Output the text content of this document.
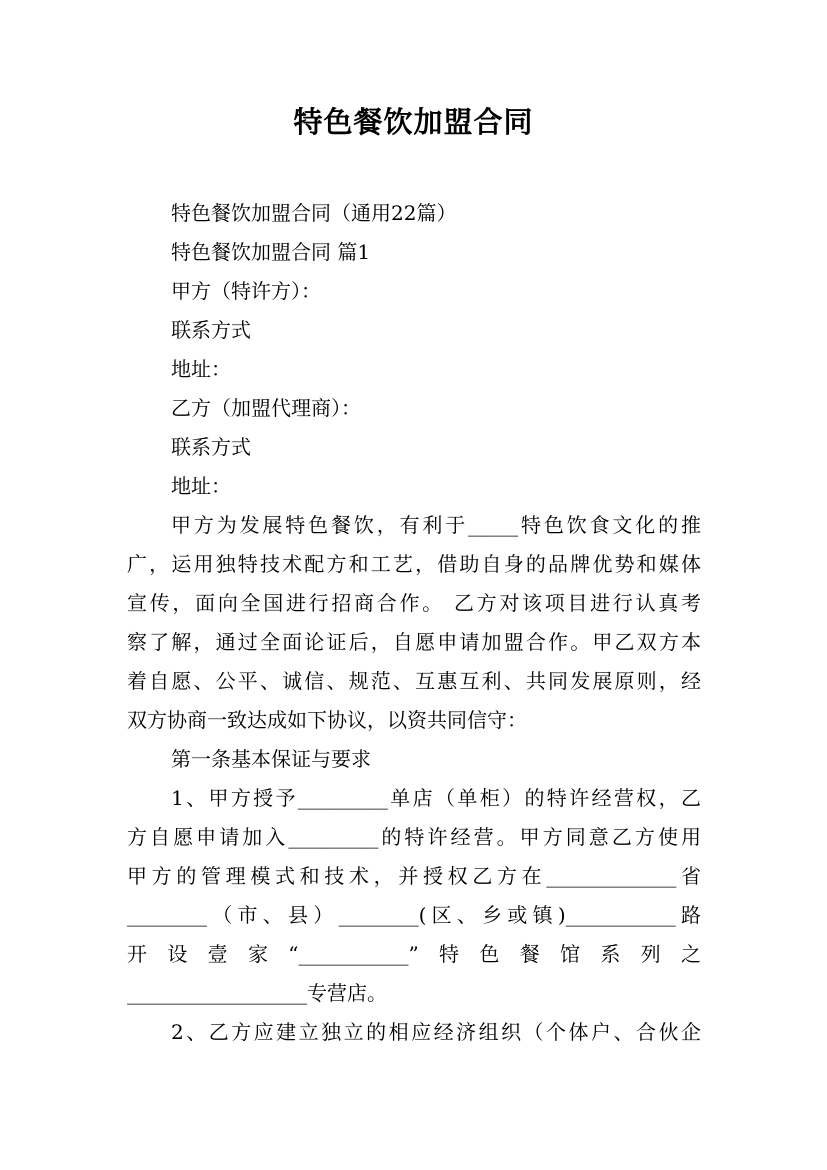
特色餐饮加盟合同

特色餐饮加盟合同（通用22篇）

特色餐饮加盟合同 篇1

甲方（特许方）：

联系方式

地址：

乙方（加盟代理商）：

联系方式

地址：

甲方为发展特色餐饮，有利于_____特色饮食文化的推
广，运用独特技术配方和工艺，借助自身的品牌优势和媒体
宣传，面向全国进行招商合作。 乙方对该项目进行认真考
察了解，通过全面论证后，自愿申请加盟合作。甲乙双方本
着自愿、公平、诚信、规范、互惠互利、共同发展原则，经
双方协商一致达成如下协议，以资共同信守：

第一条基本保证与要求

1、甲方授予_________单店（单柜）的特许经营权，乙
方自愿申请加入_________的特许经营。甲方同意乙方使用
甲方的管理模式和技术，并授权乙方在_____________省
________（市、县）________(区、乡或镇)___________路
开设壹家“___________”特色餐馆系列之
__________________专营店。
2、乙方应建立独立的相应经济组织（个体户、合伙企
